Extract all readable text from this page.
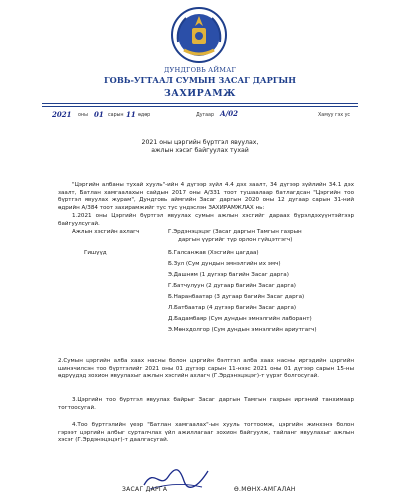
ДУНДГОВЬ АЙМАГ
ГОВЬ-УГТААЛ СУМЫН ЗАСАГ ДАРГЫН
ЗАХИРАМЖ
2021 оны 01 сарын 11 өдөр	Дугаар А/02	Хамуу гэх ус
2021 оны цэргийн бүртгэл явуулах,
ажлын хэсэг байгуулах тухай
"Цэргийн албаны тухай хууль"-ийн 4 дүгээр зүйл 4.4 дэх заалт, 34 дүгээр зүйлийн 34.1 дэх заалт, Батлан хамгаалахын сайдын 2017 оны А/331 тоот тушаалаар батлагдсан "Цэргийн тоо бүртгэл явуулах журам", Дундговь аймгийн Засаг даргын 2020 оны 12 дугаар сарын 31-ний өдрийн А/384 тоот захирамжийг тус тус үндэслэн ЗАХИРАМЖЛАХ нь:
1.2021 оны Цэргийн бүртгэл явуулах сумын ажлын хэсгийг дараах бүрэлдэхүүнтэйгээр байгуулсугай.
Ажлын хэсгийн ахлагч	Г.Эрдэнэцэцэг (Засаг даргын Тамгын газрын
даргын үүргийг түр орлон гүйцэтгэгч)
Гишүүд	Б.Галсанжав (Хэсгийн цагдаа)
Б.Зул (Сум дундын эмнэлгийн их эмч)
Э.Дашням (1 дүгээр багийн Засаг дарга)
Г.Батчулуун (2 дугаар багийн Засаг дарга)
Б.Наранбаатар (3 дугаар багийн Засаг дарга)
Л.Батбаатар (4 дүгээр багийн Засаг дарга)
Д.Бадамбаяр (Сум дундын эмнэлгийн лаборант)
Э.Мөнхдолгор (Сум дундын эмнэлгийн ариутгагч)
2.Сумын цэргийн алба хаах насны болон цэргийн бэлтгэл алба хаах насны иргэдийн цэргийн шинэчилсэн тоо бүртгэлийг 2021 оны 01 дүгээр сарын 11-нээс 2021 оны 01 дүгээр сарын 15-ны өдрүүдэд зохион явуулахыг ажлын хэсгийн ахлагч (Г.Эрдэнэцэцэг)-т үүрэг болгосугай.
3.Цэргийн тоо бүртгэл явуулах байрыг Засаг даргын Тамгын газрын иргэний танхимаар тогтоосугай.
4.Тоо бүртгэлийн үеэр "Батлан хамгаалах"-ын хууль тогтоомж, цэргийн жинхэнэ болон гэрээт цэргийн албыг сурталчлах үйл ажиллагааг зохион байгуулж, тайланг явуулахыг ажлын хэсэг (Г.Эрдэнэцэцэг)-т даалгасугай.
ЗАСАГ ДАРГА	Ө.МӨНХ-АМГАЛАН
